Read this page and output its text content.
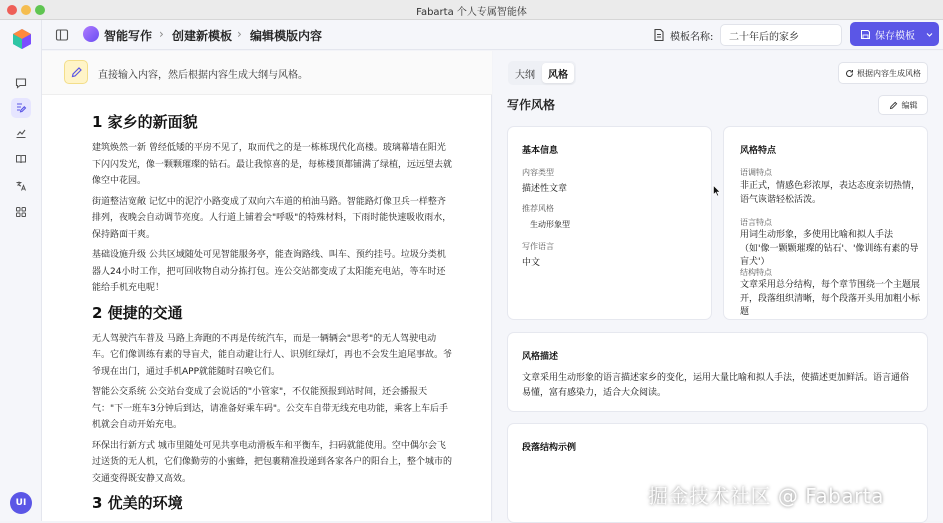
Fabarta 个人专属智能体
UI
智能写作 › 创建新模板 › 编辑模版内容	模板名称:
二十年后的家乡	保存模板
直接输入内容，然后根据内容生成大纲与风格。
1 家乡的新面貌

建筑焕然一新 曾经低矮的平房不见了，取而代之的是一栋栋现代化高楼。玻璃幕墙在阳光下闪闪发光，像一颗颗璀璨的钻石。最让我惊喜的是，每栋楼顶都铺满了绿植，远远望去就像空中花园。

街道整洁宽敞 记忆中的泥泞小路变成了双向六车道的柏油马路。智能路灯像卫兵一样整齐排列，夜晚会自动调节亮度。人行道上铺着会"呼吸"的特殊材料，下雨时能快速吸收雨水，保持路面干爽。

基础设施升级 公共区域随处可见智能服务亭，能查询路线、叫车、预约挂号。垃圾分类机器人24小时工作，把可回收物自动分拣打包。连公交站都变成了太阳能充电站，等车时还能给手机充电呢！

2 便捷的交通

无人驾驶汽车普及 马路上奔跑的不再是传统汽车，而是一辆辆会"思考"的无人驾驶电动车。它们像训练有素的导盲犬，能自动避让行人、识别红绿灯，再也不会发生追尾事故。爷爷现在出门，通过手机APP就能随时召唤它们。

智能公交系统 公交站台变成了会说话的"小管家"，不仅能预报到站时间，还会播报天气："下一班车3分钟后到达，请准备好乘车码"。公交车自带无线充电功能，乘客上车后手机就会自动开始充电。

环保出行新方式 城市里随处可见共享电动滑板车和平衡车，扫码就能使用。空中偶尔会飞过送货的无人机，它们像勤劳的小蜜蜂，把包裹精准投递到各家各户的阳台上，整个城市的交通变得既安静又高效。

3 优美的环境
大纲	风格	根据内容生成风格
写作风格	编辑
基本信息
内容类型
描述性文章
推荐风格
生动形象型
写作语言
中文
风格特点
语调特点
非正式，情感色彩浓厚，表达态度亲切热情，语气诙谐轻松活泼。
语言特点
用词生动形象，多使用比喻和拟人手法（如'像一颗颗璀璨的钻石'、'像训练有素的导盲犬'）
结构特点
文章采用总分结构，每个章节围绕一个主题展开，段落组织清晰，每个段落开头用加粗小标题
风格描述
文章采用生动形象的语言描述家乡的变化，运用大量比喻和拟人手法，使描述更加鲜活。语言通俗易懂，富有感染力，适合大众阅读。
段落结构示例
掘金技术社区 @ Fabarta
